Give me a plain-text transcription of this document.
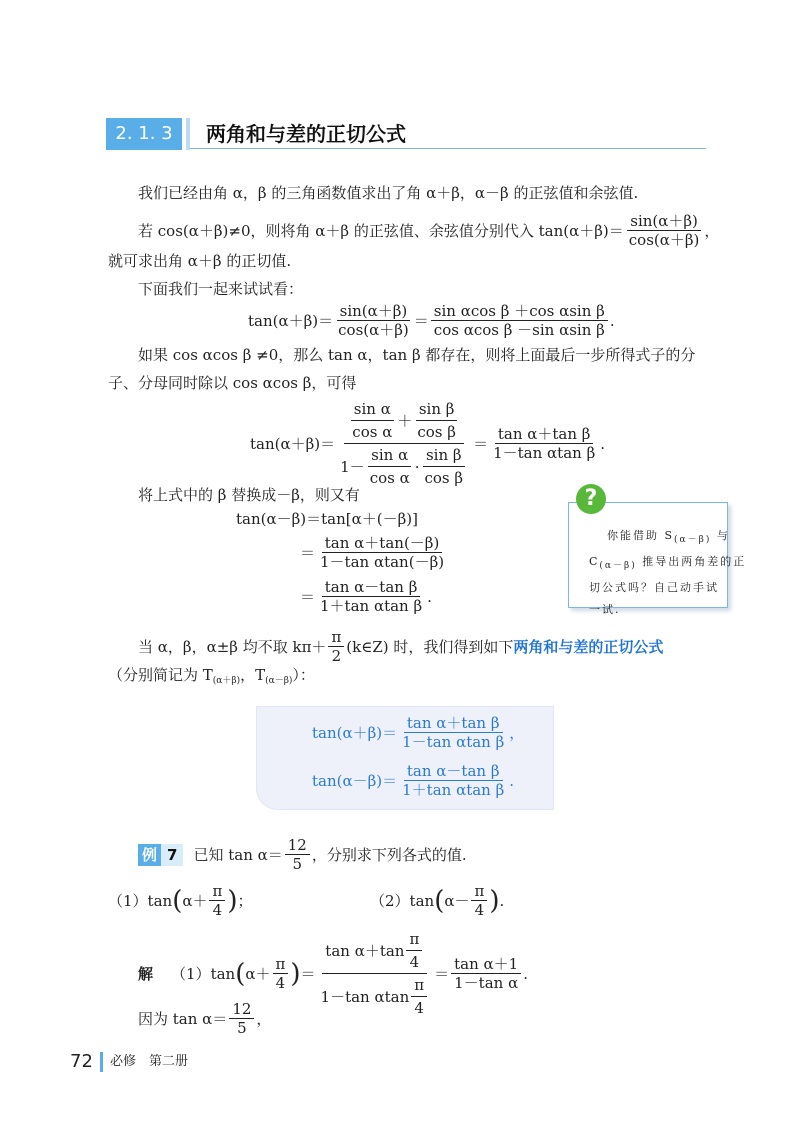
2. 1. 3	两角和与差的正切公式
我们已经由角 α，β 的三角函数值求出了角 α＋β，α－β 的正弦值和余弦值.
若 cos(α＋β)≠0，则将角 α＋β 的正弦值、余弦值分别代入 $\tan(\alpha+\beta)= \frac{\sin(\alpha+\beta)}{\cos(\alpha+\beta)}$ ，
就可求出角 α＋β 的正切值.
下面我们一起来试试看：
$\tan(\alpha+\beta)= \frac{\sin(\alpha+\beta)}{\cos(\alpha+\beta)} = \frac{\text{sin αcos β ＋cos αsin β}}{\text{cos αcos β －sin αsin β}}$ .
如果 cos αcos β ≠0，那么 tan α，tan β 都存在，则将上面最后一步所得式子的分
子、分母同时除以 cos αcos β，可得
$\tan(\alpha+\beta)= \frac{\frac{\text{sin α}}{\text{cos α}} + \frac{\text{sin β}}{\text{cos β}}}{1- \frac{\text{sin α}}{\text{cos α}} \cdot \frac{\text{sin β}}{\text{cos β}}} = \frac{\text{tan α＋tan β}}{\text{1－tan αtan β}}$ .
将上式中的 β 替换成－β，则又有
tan(α－β)＝tan[α＋(－β)]
＝ $\frac{\text{tan α＋tan(－β)}}{\text{1－tan αtan(－β)}}$
＝ $\frac{\text{tan α－tan β}}{\text{1＋tan αtan β}}$ .
你能借助 $S_{(\alpha-\beta)}$ 与
$C_{(\alpha-\beta)}$ 推导出两角差的正
切公式吗？自己动手试
一试.
?
当 α，β，α±β 均不取 $k\pi+ \frac{\pi}{2}$ (k∈Z) 时，我们得到如下 两角和与差的正切公式
（分别简记为 $T_{(\alpha+\beta)}$，$T_{(\alpha-\beta)}$）：
$\tan(\alpha+\beta)= \frac{\text{tan α＋tan β}}{\text{1－tan αtan β}}$ ，
$\tan(\alpha-\beta)= \frac{\text{tan α－tan β}}{\text{1＋tan αtan β}}$ .
例 7	已知 $\tan \alpha= \frac{12}{5}$ ，分别求下列各式的值.
（1） tan ( $\alpha+ \frac{\pi}{4}$ ) ；	（2） tan ( $\alpha- \frac{\pi}{4}$ ) .
解 （1） tan ( $\alpha+ \frac{\pi}{4}$ ) ＝ $\frac{\tan \alpha+\tan \frac{\pi}{4}}{1-\tan \alpha\tan \frac{\pi}{4}} = \frac{\text{tan α＋1}}{\text{1－tan α}}$ .
因为 $\tan \alpha= \frac{12}{5}$ ，
72 必修　第二册
